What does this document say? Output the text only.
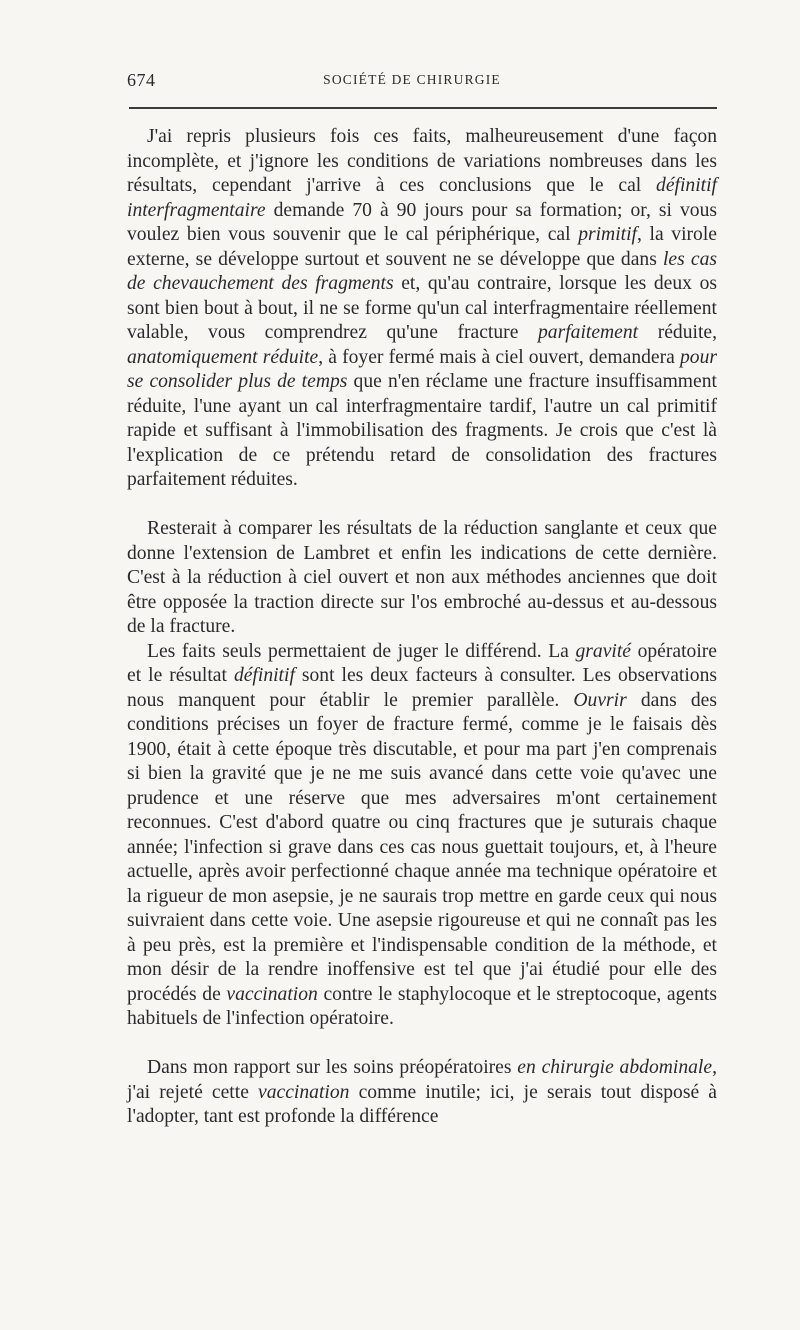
674	SOCIÉTÉ DE CHIRURGIE

J'ai repris plusieurs fois ces faits, malheureusement d'une façon incomplète, et j'ignore les conditions de variations nombreuses dans les résultats, cependant j'arrive à ces conclusions que le cal définitif interfragmentaire demande 70 à 90 jours pour sa formation; or, si vous voulez bien vous souvenir que le cal périphérique, cal primitif, la virole externe, se développe surtout et souvent ne se développe que dans les cas de chevauchement des fragments et, qu'au contraire, lorsque les deux os sont bien bout à bout, il ne se forme qu'un cal interfragmentaire réellement valable, vous comprendrez qu'une fracture parfaitement réduite, anatomiquement réduite, à foyer fermé mais à ciel ouvert, demandera pour se consolider plus de temps que n'en réclame une fracture insuffisamment réduite, l'une ayant un cal interfragmentaire tardif, l'autre un cal primitif rapide et suffisant à l'immobilisation des fragments. Je crois que c'est là l'explication de ce prétendu retard de consolidation des fractures parfaitement réduites.

Resterait à comparer les résultats de la réduction sanglante et ceux que donne l'extension de Lambret et enfin les indications de cette dernière. C'est à la réduction à ciel ouvert et non aux méthodes anciennes que doit être opposée la traction directe sur l'os embroché au-dessus et au-dessous de la fracture.

Les faits seuls permettaient de juger le différend. La gravité opératoire et le résultat définitif sont les deux facteurs à consulter. Les observations nous manquent pour établir le premier parallèle. Ouvrir dans des conditions précises un foyer de fracture fermé, comme je le faisais dès 1900, était à cette époque très discutable, et pour ma part j'en comprenais si bien la gravité que je ne me suis avancé dans cette voie qu'avec une prudence et une réserve que mes adversaires m'ont certainement reconnues. C'est d'abord quatre ou cinq fractures que je suturais chaque année; l'infection si grave dans ces cas nous guettait toujours, et, à l'heure actuelle, après avoir perfectionné chaque année ma technique opératoire et la rigueur de mon asepsie, je ne saurais trop mettre en garde ceux qui nous suivraient dans cette voie. Une asepsie rigoureuse et qui ne connaît pas les à peu près, est la première et l'indispensable condition de la méthode, et mon désir de la rendre inoffensive est tel que j'ai étudié pour elle des procédés de vaccination contre le staphylocoque et le streptocoque, agents habituels de l'infection opératoire.

Dans mon rapport sur les soins préopératoires en chirurgie abdominale, j'ai rejeté cette vaccination comme inutile; ici, je serais tout disposé à l'adopter, tant est profonde la différence
